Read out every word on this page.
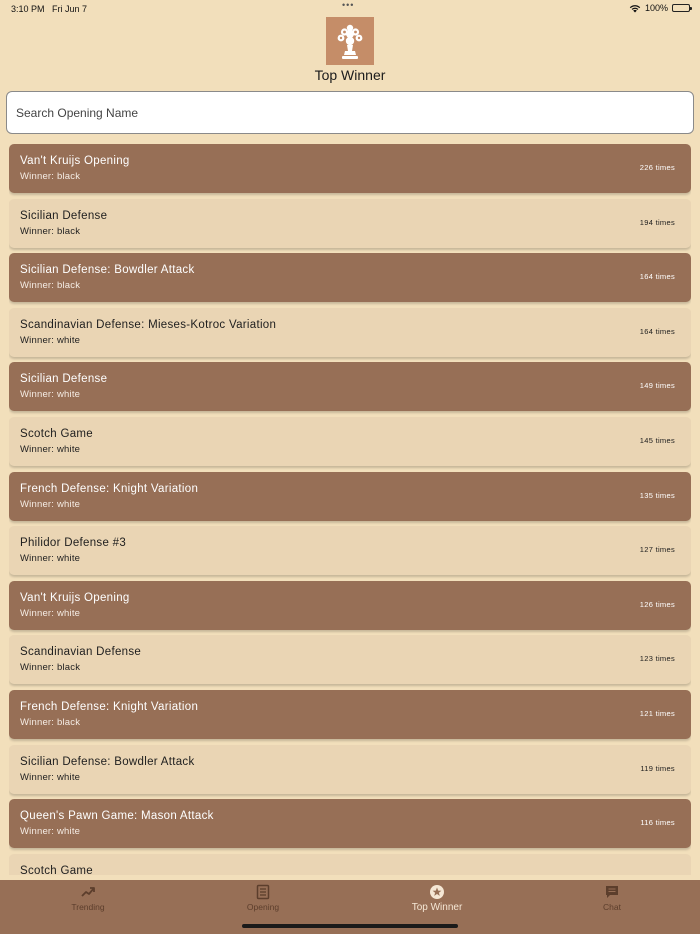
3:10 PM Fri Jun 7	•••	100%
Top Winner
Search Opening Name
Van't Kruijs Opening
Winner: black
226 times
Sicilian Defense
Winner: black
194 times
Sicilian Defense: Bowdler Attack
Winner: black
164 times
Scandinavian Defense: Mieses-Kotroc Variation
Winner: white
164 times
Sicilian Defense
Winner: white
149 times
Scotch Game
Winner: white
145 times
French Defense: Knight Variation
Winner: white
135 times
Philidor Defense #3
Winner: white
127 times
Van't Kruijs Opening
Winner: white
126 times
Scandinavian Defense
Winner: black
123 times
French Defense: Knight Variation
Winner: black
121 times
Sicilian Defense: Bowdler Attack
Winner: white
119 times
Queen's Pawn Game: Mason Attack
Winner: white
116 times
Scotch Game
Trending	Opening	Top Winner	Chat
